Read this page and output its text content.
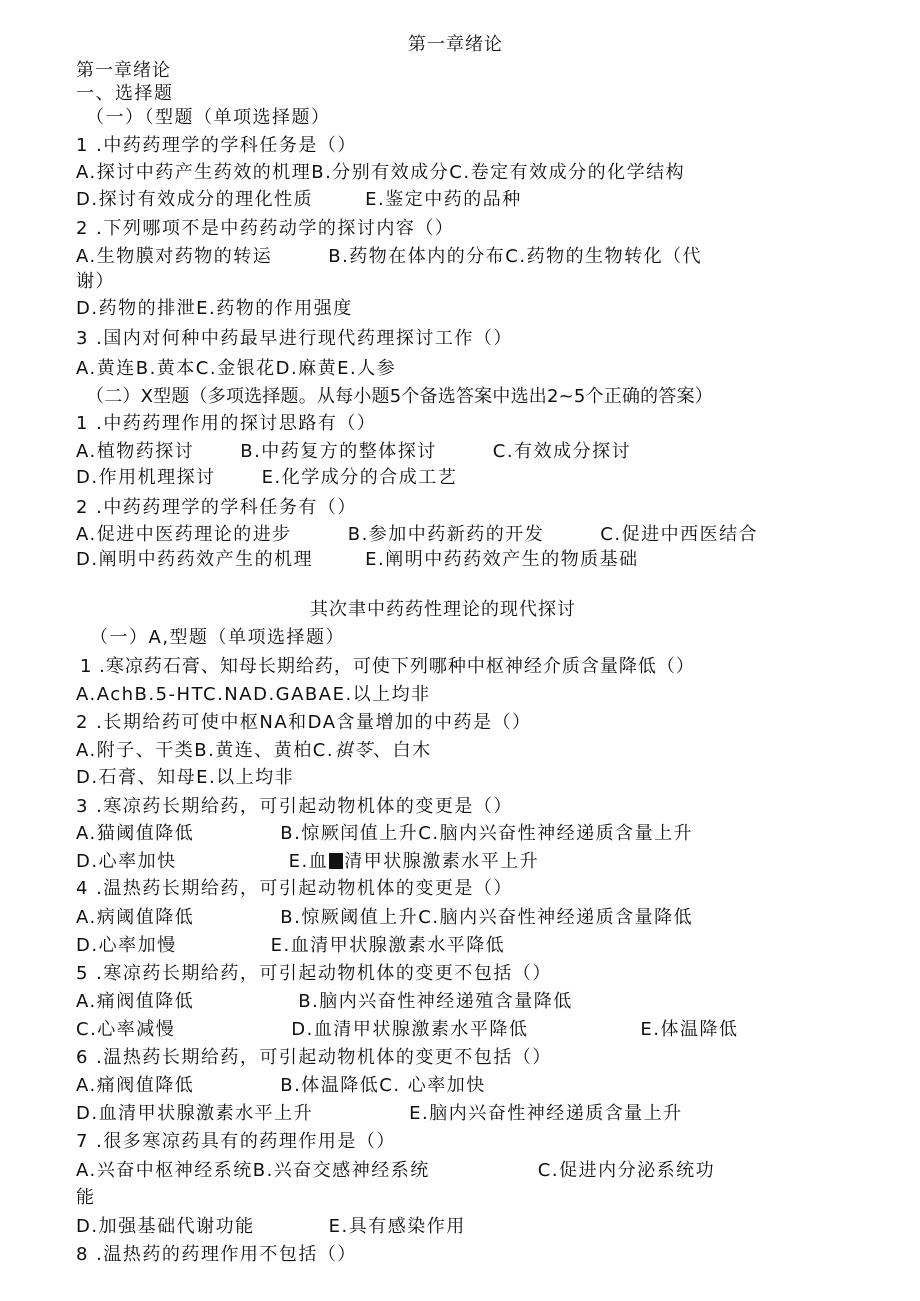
第一章绪论
第一章绪论
一、选择题
（一）（型题（单项选择题）
1 .中药药理学的学科任务是（）
A.探讨中药产生药效的机理B.分别有效成分C.卷定有效成分的化学结构
D.探讨有效成分的理化性质	E.鉴定中药的品种
2 .下列哪项不是中药药动学的探讨内容（）
A.生物膜对药物的转运	B.药物在体内的分布C.药物的生物转化（代
谢）
D.药物的排泄E.药物的作用强度
3 .国内对何种中药最早进行现代药理探讨工作（）
A.黄连B.黄本C.金银花D.麻黄E.人参
（二）X型题（多项选择题。从每小题5个备选答案中选出2~5个正确的答案）
1 .中药药理作用的探讨思路有（）
A.植物药探讨	B.中药复方的整体探讨	C.有效成分探讨
D.作用机理探讨	E.化学成分的合成工艺
2 .中药药理学的学科任务有（）
A.促进中医药理论的进步	B.参加中药新药的开发	C.促进中西医结合
D.阐明中药药效产生的机理	E.阐明中药药效产生的物质基础
其次聿中药药性理论的现代探讨
（一）A,型题（单项选择题）
1 .寒凉药石膏、知母长期给药，可使下列哪种中枢神经介质含量降低（）
A.AchB.5-HTC.NAD.GABAE.以上均非
2 .长期给药可使中枢NA和DA含量增加的中药是（）
A.附子、干类B.黄连、黄柏C.祺苓、白木
D.石膏、知母E.以上均非
3 .寒凉药长期给药，可引起动物机体的变更是（）
A.猫阈值降低	B.惊厥闰值上升C.脑内兴奋性神经递质含量上升
D.心率加快	E.血 清甲状腺激素水平上升
4 .温热药长期给药，可引起动物机体的变更是（）
A.病阈值降低	B.惊厥阈值上升C.脑内兴奋性神经递质含量降低
D.心率加慢	E.血清甲状腺激素水平降低
5 .寒凉药长期给药，可引起动物机体的变更不包括（）
A.痛阀值降低	B.脑内兴奋性神经递殖含量降低
C.心率减慢	D.血清甲状腺激素水平降低	E.体温降低
6 .温热药长期给药，可引起动物机体的变更不包括（）
A.痛阀值降低	B.体温降低C. 心率加快
D.血清甲状腺激素水平上升	E.脑内兴奋性神经递质含量上升
7 .很多寒凉药具有的药理作用是（）
A.兴奋中枢神经系统B.兴奋交感神经系统	C.促进内分泌系统功
能
D.加强基础代谢功能	E.具有感染作用
8 .温热药的药理作用不包括（）
